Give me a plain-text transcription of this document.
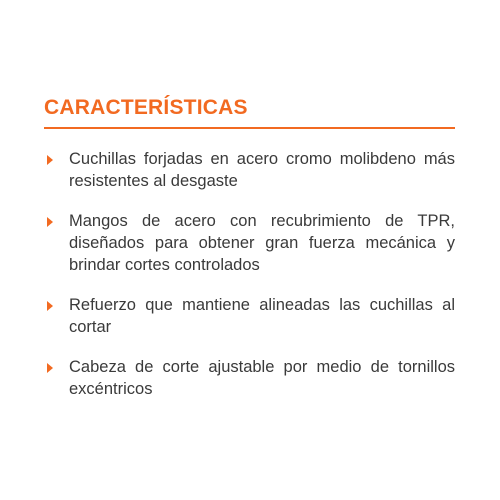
CARACTERÍSTICAS
Cuchillas forjadas en acero cromo molibdeno más resistentes al desgaste
Mangos de acero con recubrimiento de TPR, diseñados para obtener gran fuerza mecánica y brindar cortes controlados
Refuerzo que mantiene alineadas las cuchillas al cortar
Cabeza de corte ajustable por medio de tornillos excéntricos
